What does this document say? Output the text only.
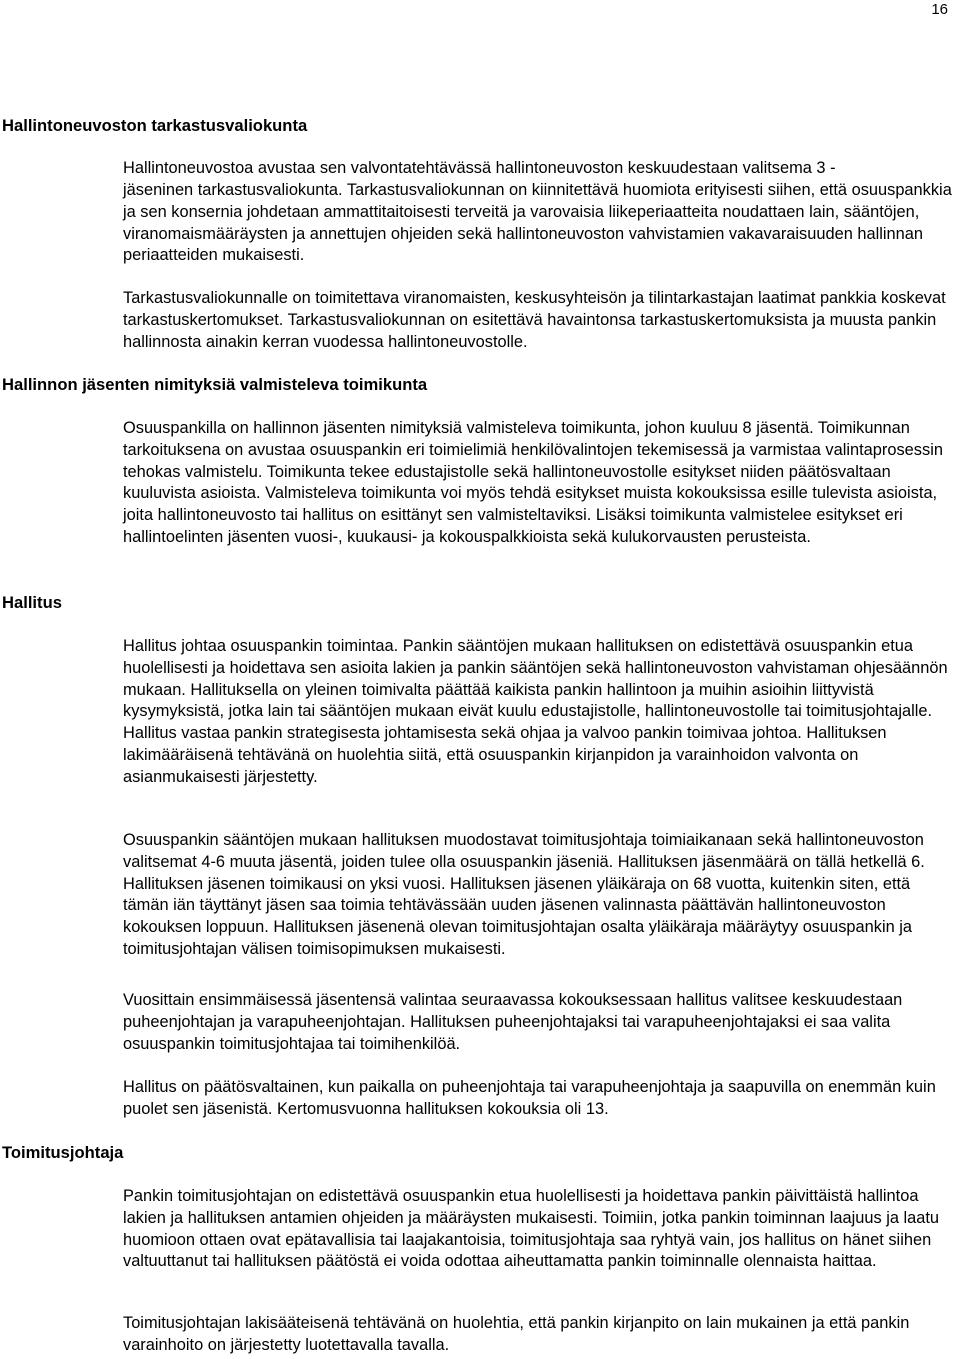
16
Hallintoneuvoston tarkastusvaliokunta

Hallintoneuvostoa avustaa sen valvontatehtävässä hallintoneuvoston keskuudestaan valitsema 3 -

jäseninen tarkastusvaliokunta. Tarkastusvaliokunnan on kiinnitettävä huomiota erityisesti siihen, että osuuspankkia ja sen konsernia johdetaan ammattitaitoisesti terveitä ja varovaisia liikeperiaatteita noudattaen lain, sääntöjen, viranomaismääräysten ja annettujen ohjeiden sekä hallintoneuvoston vahvistamien vakavaraisuuden hallinnan periaatteiden mukaisesti.

Tarkastusvaliokunnalle on toimitettava viranomaisten, keskusyhteisön ja tilintarkastajan laatimat pankkia koskevat tarkastuskertomukset. Tarkastusvaliokunnan on esitettävä havaintonsa tarkastuskertomuksista ja muusta pankin hallinnosta ainakin kerran vuodessa hallintoneuvostolle.

Hallinnon jäsenten nimityksiä valmisteleva toimikunta

Osuuspankilla on hallinnon jäsenten nimityksiä valmisteleva toimikunta, johon kuuluu 8 jäsentä. Toimikunnan tarkoituksena on avustaa osuuspankin eri toimielimiä henkilövalintojen tekemisessä ja varmistaa valintaprosessin tehokas valmistelu. Toimikunta tekee edustajistolle sekä hallintoneuvostolle esitykset niiden päätösvaltaan kuuluvista asioista. Valmisteleva toimikunta voi myös tehdä esitykset muista kokouksissa esille tulevista asioista, joita hallintoneuvosto tai hallitus on esittänyt sen valmisteltaviksi. Lisäksi toimikunta valmistelee esitykset eri hallintoelinten jäsenten vuosi-, kuukausi- ja kokouspalkkioista sekä kulukorvausten perusteista.

Hallitus

Hallitus johtaa osuuspankin toimintaa. Pankin sääntöjen mukaan hallituksen on edistettävä osuuspankin etua huolellisesti ja hoidettava sen asioita lakien ja pankin sääntöjen sekä hallintoneuvoston vahvistaman ohjesäännön mukaan. Hallituksella on yleinen toimivalta päättää kaikista pankin hallintoon ja muihin asioihin liittyvistä kysymyksistä, jotka lain tai sääntöjen mukaan eivät kuulu edustajistolle, hallintoneuvostolle tai toimitusjohtajalle. Hallitus vastaa pankin strategisesta johtamisesta sekä ohjaa ja valvoo pankin toimivaa johtoa. Hallituksen lakimääräisenä tehtävänä on huolehtia siitä, että osuuspankin kirjanpidon ja varainhoidon valvonta on asianmukaisesti järjestetty.

Osuuspankin sääntöjen mukaan hallituksen muodostavat toimitusjohtaja toimiaikanaan sekä hallintoneuvoston valitsemat 4-6 muuta jäsentä, joiden tulee olla osuuspankin jäseniä. Hallituksen jäsenmäärä on tällä hetkellä 6. Hallituksen jäsenen toimikausi on yksi vuosi. Hallituksen jäsenen yläikäraja on 68 vuotta, kuitenkin siten, että tämän iän täyttänyt jäsen saa toimia tehtävässään uuden jäsenen valinnasta päättävän hallintoneuvoston kokouksen loppuun. Hallituksen jäsenenä olevan toimitusjohtajan osalta yläikäraja määräytyy osuuspankin ja toimitusjohtajan välisen toimisopimuksen mukaisesti.

Vuosittain ensimmäisessä jäsentensä valintaa seuraavassa kokouksessaan hallitus valitsee keskuudestaan puheenjohtajan ja varapuheenjohtajan. Hallituksen puheenjohtajaksi tai varapuheenjohtajaksi ei saa valita osuuspankin toimitusjohtajaa tai toimihenkilöä.

Hallitus on päätösvaltainen, kun paikalla on puheenjohtaja tai varapuheenjohtaja ja saapuvilla on enemmän kuin puolet sen jäsenistä. Kertomusvuonna hallituksen kokouksia oli 13.

Toimitusjohtaja

Pankin toimitusjohtajan on edistettävä osuuspankin etua huolellisesti ja hoidettava pankin päivittäistä hallintoa lakien ja hallituksen antamien ohjeiden ja määräysten mukaisesti. Toimiin, jotka pankin toiminnan laajuus ja laatu huomioon ottaen ovat epätavallisia tai laajakantoisia, toimitusjohtaja saa ryhtyä vain, jos hallitus on hänet siihen valtuuttanut tai hallituksen päätöstä ei voida odottaa aiheuttamatta pankin toiminnalle olennaista haittaa.

Toimitusjohtajan lakisääteisenä tehtävänä on huolehtia, että pankin kirjanpito on lain mukainen ja että pankin varainhoito on järjestetty luotettavalla tavalla.
